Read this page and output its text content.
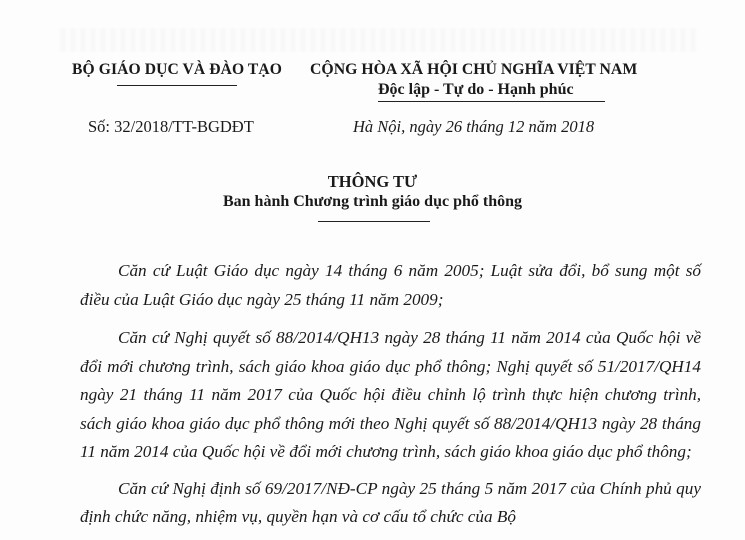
BỘ GIÁO DỤC VÀ ĐÀO TẠO CỘNG HÒA XÃ HỘI CHỦ NGHĨA VIỆT NAM
Độc lập - Tự do - Hạnh phúc
Số: 32/2018/TT-BGDĐT	Hà Nội, ngày 26 tháng 12 năm 2018
THÔNG TƯ
Ban hành Chương trình giáo dục phổ thông

Căn cứ Luật Giáo dục ngày 14 tháng 6 năm 2005; Luật sửa đổi, bổ sung một số điều của Luật Giáo dục ngày 25 tháng 11 năm 2009;

Căn cứ Nghị quyết số 88/2014/QH13 ngày 28 tháng 11 năm 2014 của Quốc hội về đổi mới chương trình, sách giáo khoa giáo dục phổ thông; Nghị quyết số 51/2017/QH14 ngày 21 tháng 11 năm 2017 của Quốc hội điều chỉnh lộ trình thực hiện chương trình, sách giáo khoa giáo dục phổ thông mới theo Nghị quyết số 88/2014/QH13 ngày 28 tháng 11 năm 2014 của Quốc hội về đổi mới chương trình, sách giáo khoa giáo dục phổ thông;

Căn cứ Nghị định số 69/2017/NĐ-CP ngày 25 tháng 5 năm 2017 của Chính phủ quy định chức năng, nhiệm vụ, quyền hạn và cơ cấu tổ chức của Bộ
